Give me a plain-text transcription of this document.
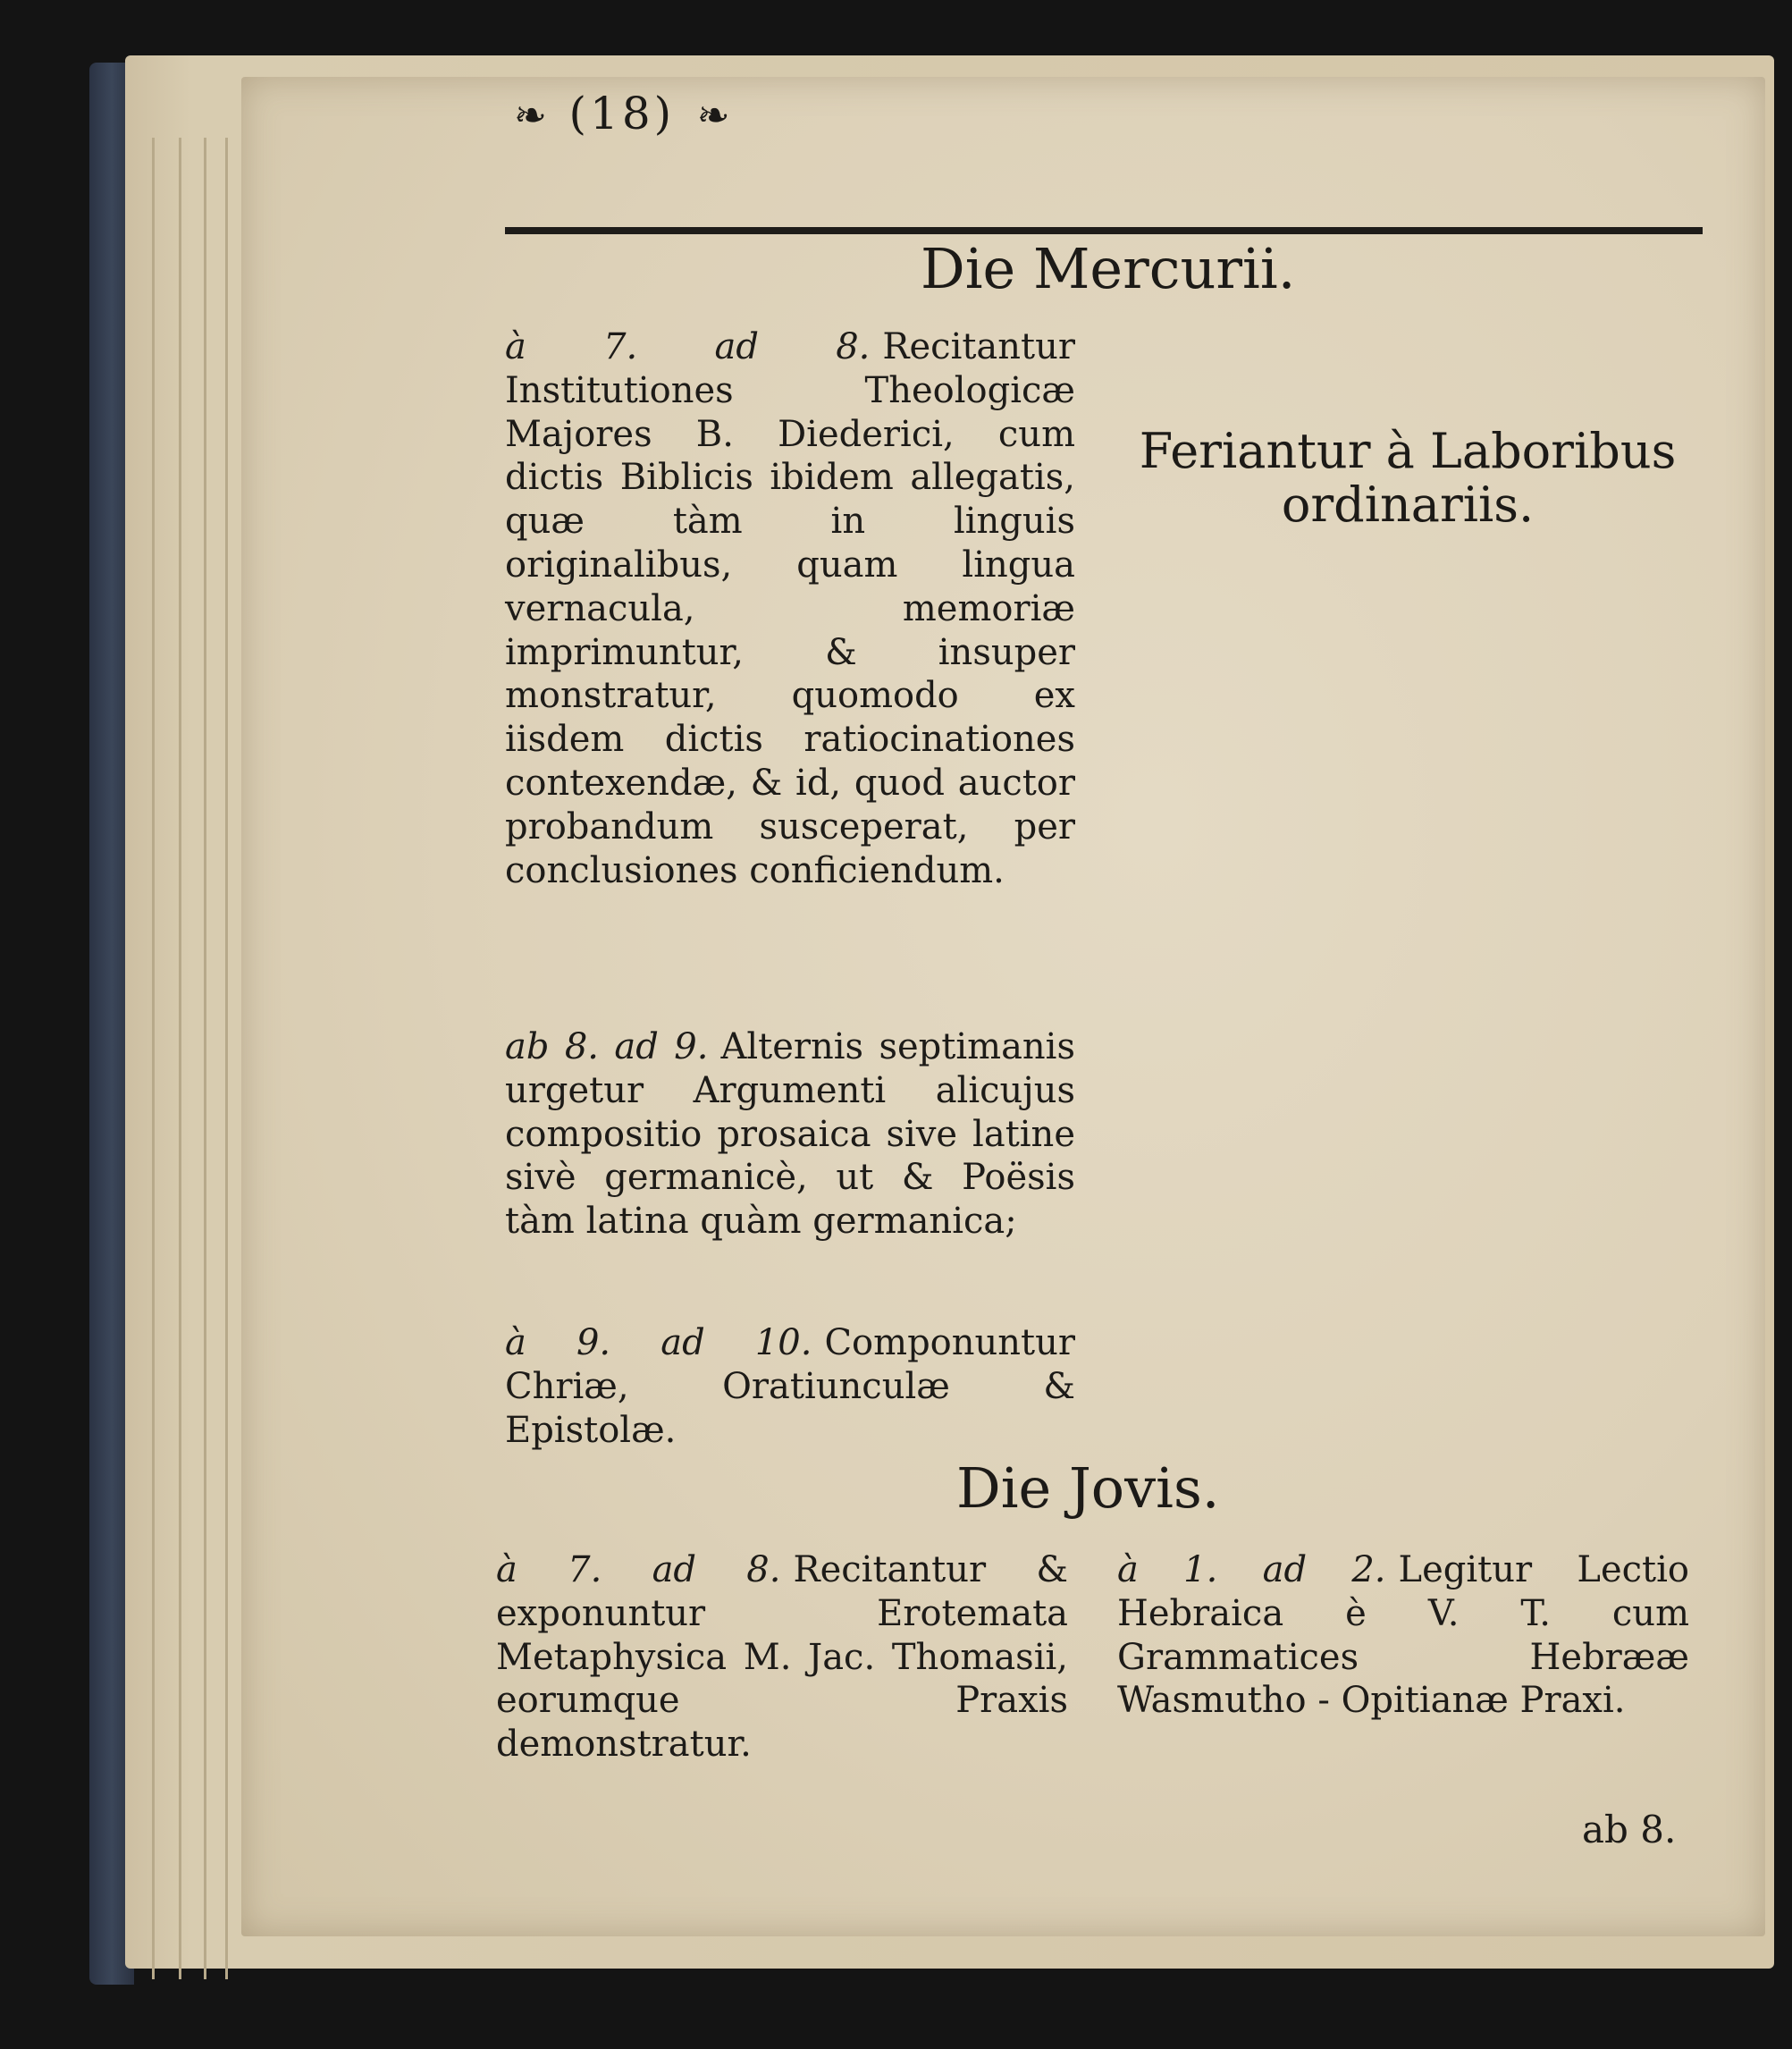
❧ (18) ❧
Die Mercurii.
à 7. ad 8. Recitantur Institutiones Theologicæ Majores B. Diederici, cum dictis Biblicis ibidem allegatis, quæ tàm in linguis originalibus, quam lingua vernacula, memoriæ imprimuntur, & insuper monstratur, quomodo ex iisdem dictis ratiocinationes contexendæ, & id, quod auctor probandum susceperat, per conclusiones conficiendum.
ab 8. ad 9. Alternis septimanis urgetur Argumenti alicujus compositio prosaica sive latine sivè germanicè, ut & Poësis tàm latina quàm germanica;
à 9. ad 10. Componuntur Chriæ, Oratiunculæ & Epistolæ.
Feriantur à Laboribus ordinariis.
Die Jovis.
à 7. ad 8. Recitantur & exponuntur Erotemata Metaphysica M. Jac. Thomasii, eorumque Praxis demonstratur.
à 1. ad 2. Legitur Lectio Hebraica è V. T. cum Grammatices Hebrææ Wasmutho - Opitianæ Praxi.
ab 8.
